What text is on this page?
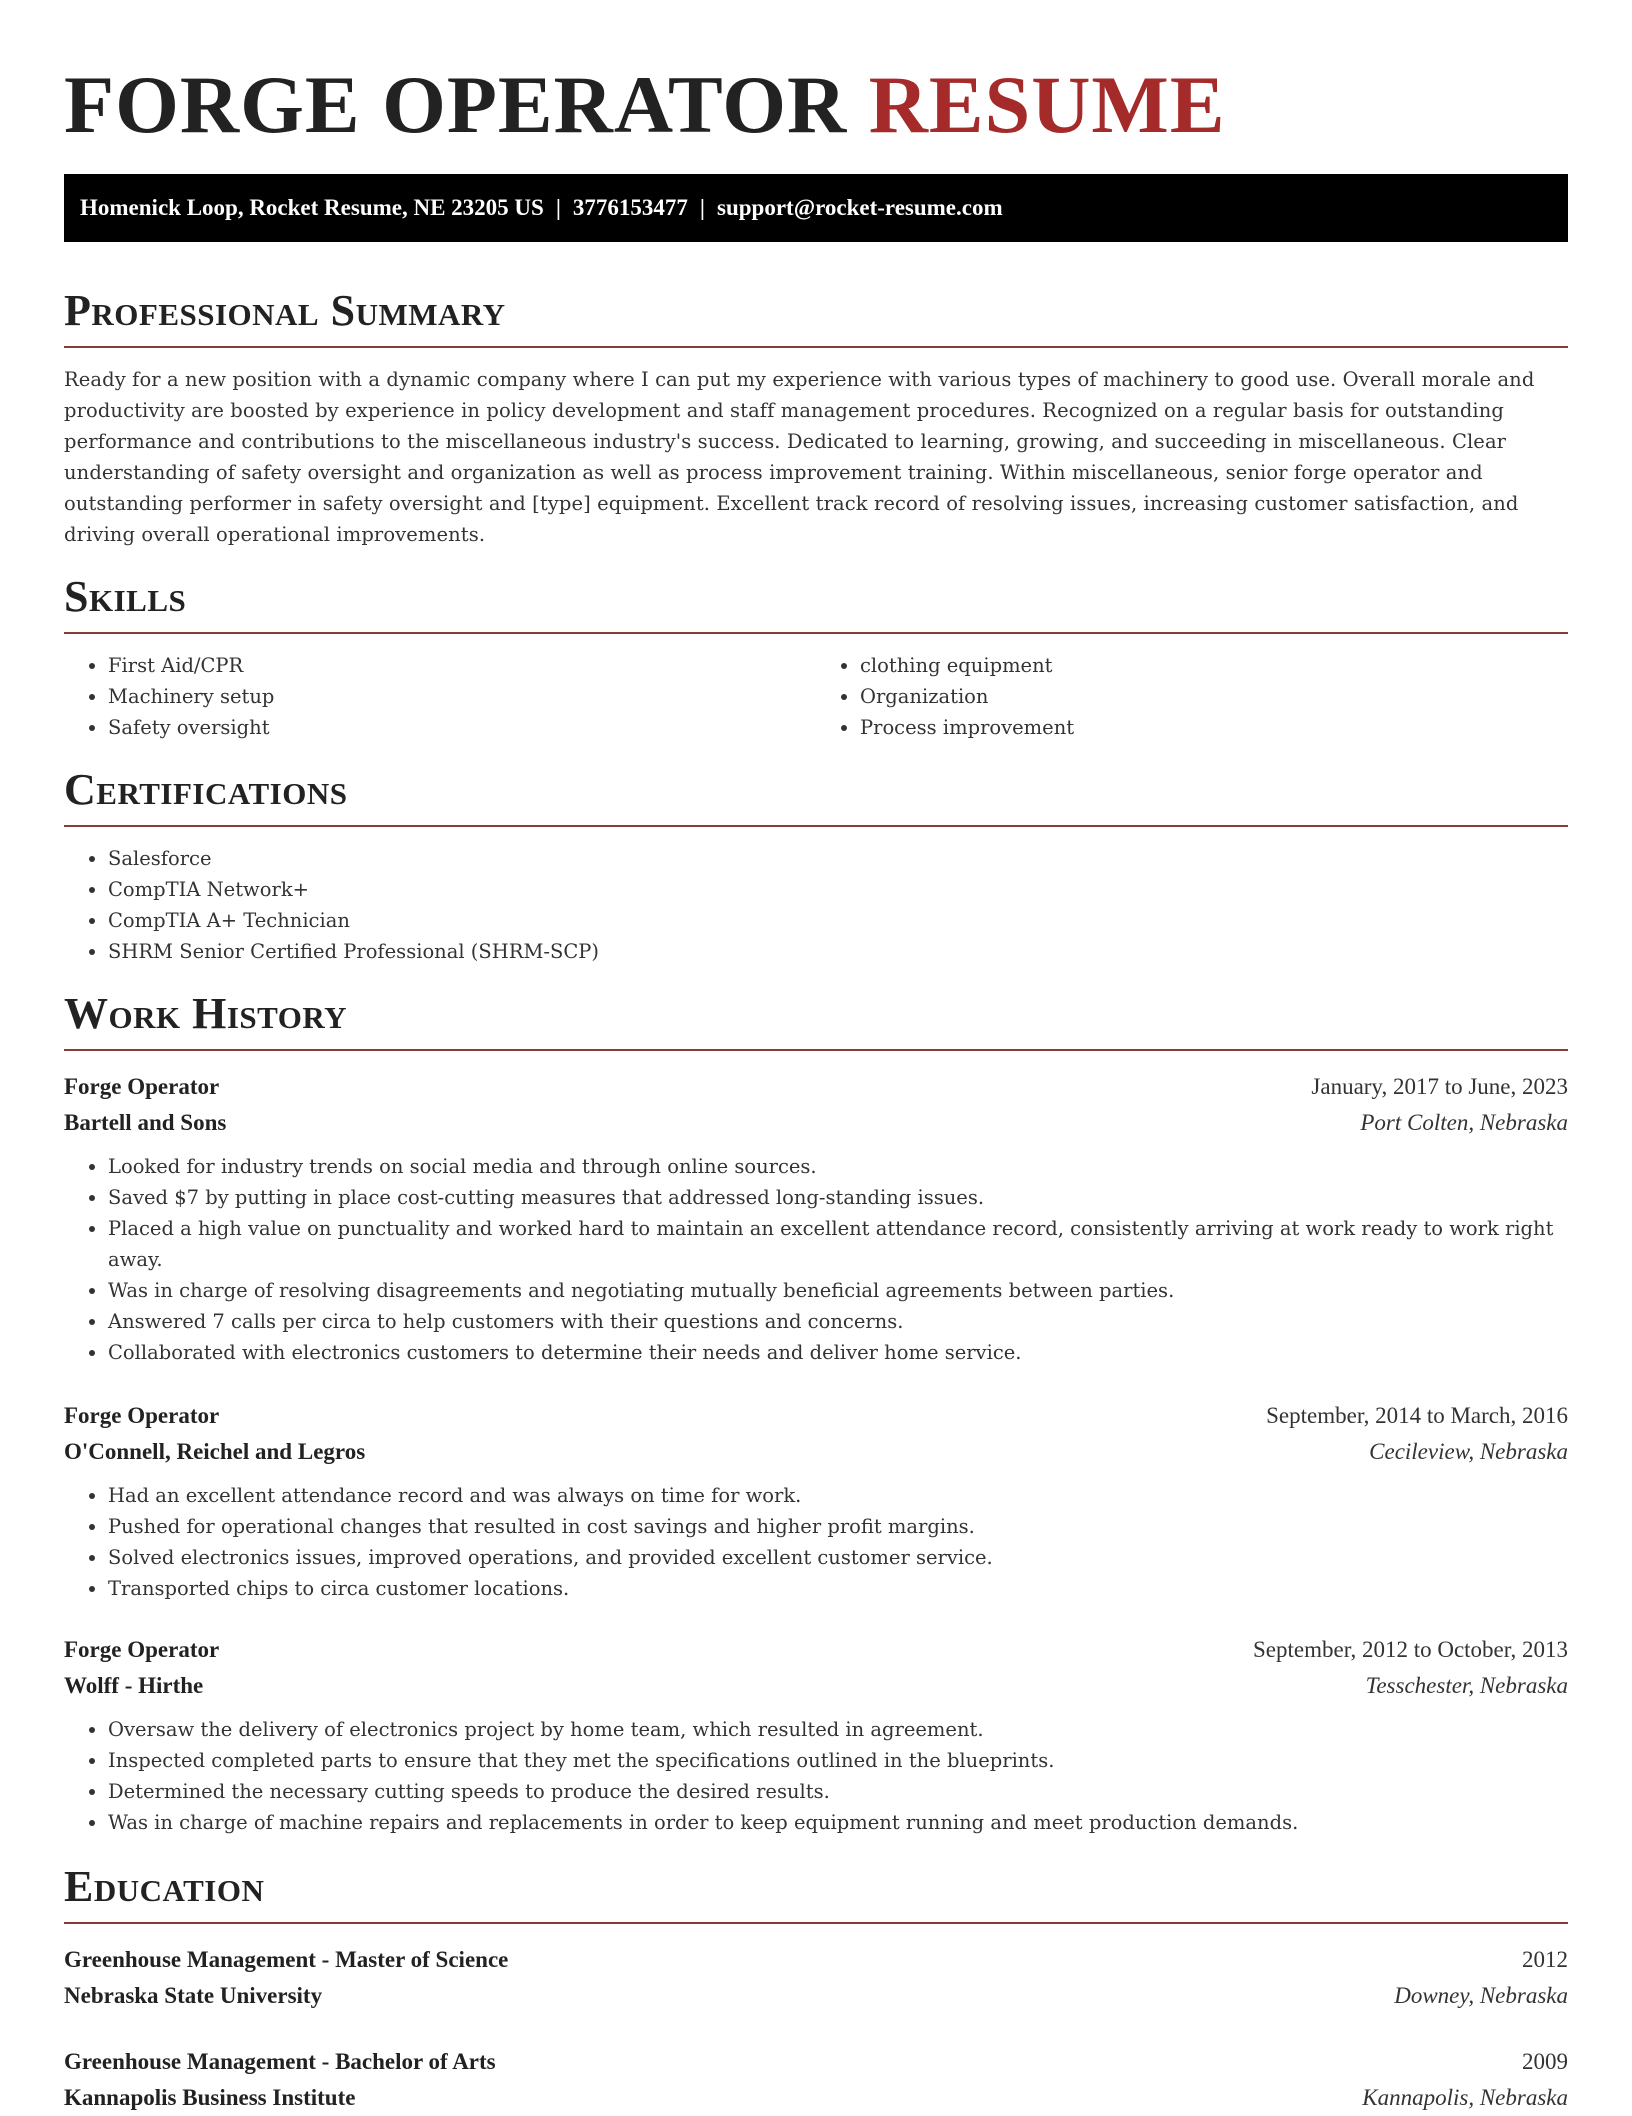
FORGE OPERATOR RESUME
Homenick Loop, Rocket Resume, NE 23205 US | 3776153477 | support@rocket-resume.com
Professional Summary

Ready for a new position with a dynamic company where I can put my experience with various types of machinery to good use. Overall morale and productivity are boosted by experience in policy development and staff management procedures. Recognized on a regular basis for outstanding performance and contributions to the miscellaneous industry's success. Dedicated to learning, growing, and succeeding in miscellaneous. Clear understanding of safety oversight and organization as well as process improvement training. Within miscellaneous, senior forge operator and outstanding performer in safety oversight and [type] equipment. Excellent track record of resolving issues, increasing customer satisfaction, and driving overall operational improvements.

Skills
• First Aid/CPR
• Machinery setup
• Safety oversight
• clothing equipment
• Organization
• Process improvement
Certifications
• Salesforce
• CompTIA Network+
• CompTIA A+ Technician
• SHRM Senior Certified Professional (SHRM-SCP)
Work History
Forge Operator	January, 2017 to June, 2023
Bartell and Sons	Port Colten, Nebraska
• Looked for industry trends on social media and through online sources.
• Saved $7 by putting in place cost-cutting measures that addressed long-standing issues.
• Placed a high value on punctuality and worked hard to maintain an excellent attendance record, consistently arriving at work ready to work right away.
• Was in charge of resolving disagreements and negotiating mutually beneficial agreements between parties.
• Answered 7 calls per circa to help customers with their questions and concerns.
• Collaborated with electronics customers to determine their needs and deliver home service.
Forge Operator	September, 2014 to March, 2016
O'Connell, Reichel and Legros	Cecileview, Nebraska
• Had an excellent attendance record and was always on time for work.
• Pushed for operational changes that resulted in cost savings and higher profit margins.
• Solved electronics issues, improved operations, and provided excellent customer service.
• Transported chips to circa customer locations.
Forge Operator	September, 2012 to October, 2013
Wolff - Hirthe	Tesschester, Nebraska
• Oversaw the delivery of electronics project by home team, which resulted in agreement.
• Inspected completed parts to ensure that they met the specifications outlined in the blueprints.
• Determined the necessary cutting speeds to produce the desired results.
• Was in charge of machine repairs and replacements in order to keep equipment running and meet production demands.
Education
Greenhouse Management - Master of Science	2012
Nebraska State University	Downey, Nebraska
Greenhouse Management - Bachelor of Arts	2009
Kannapolis Business Institute	Kannapolis, Nebraska
